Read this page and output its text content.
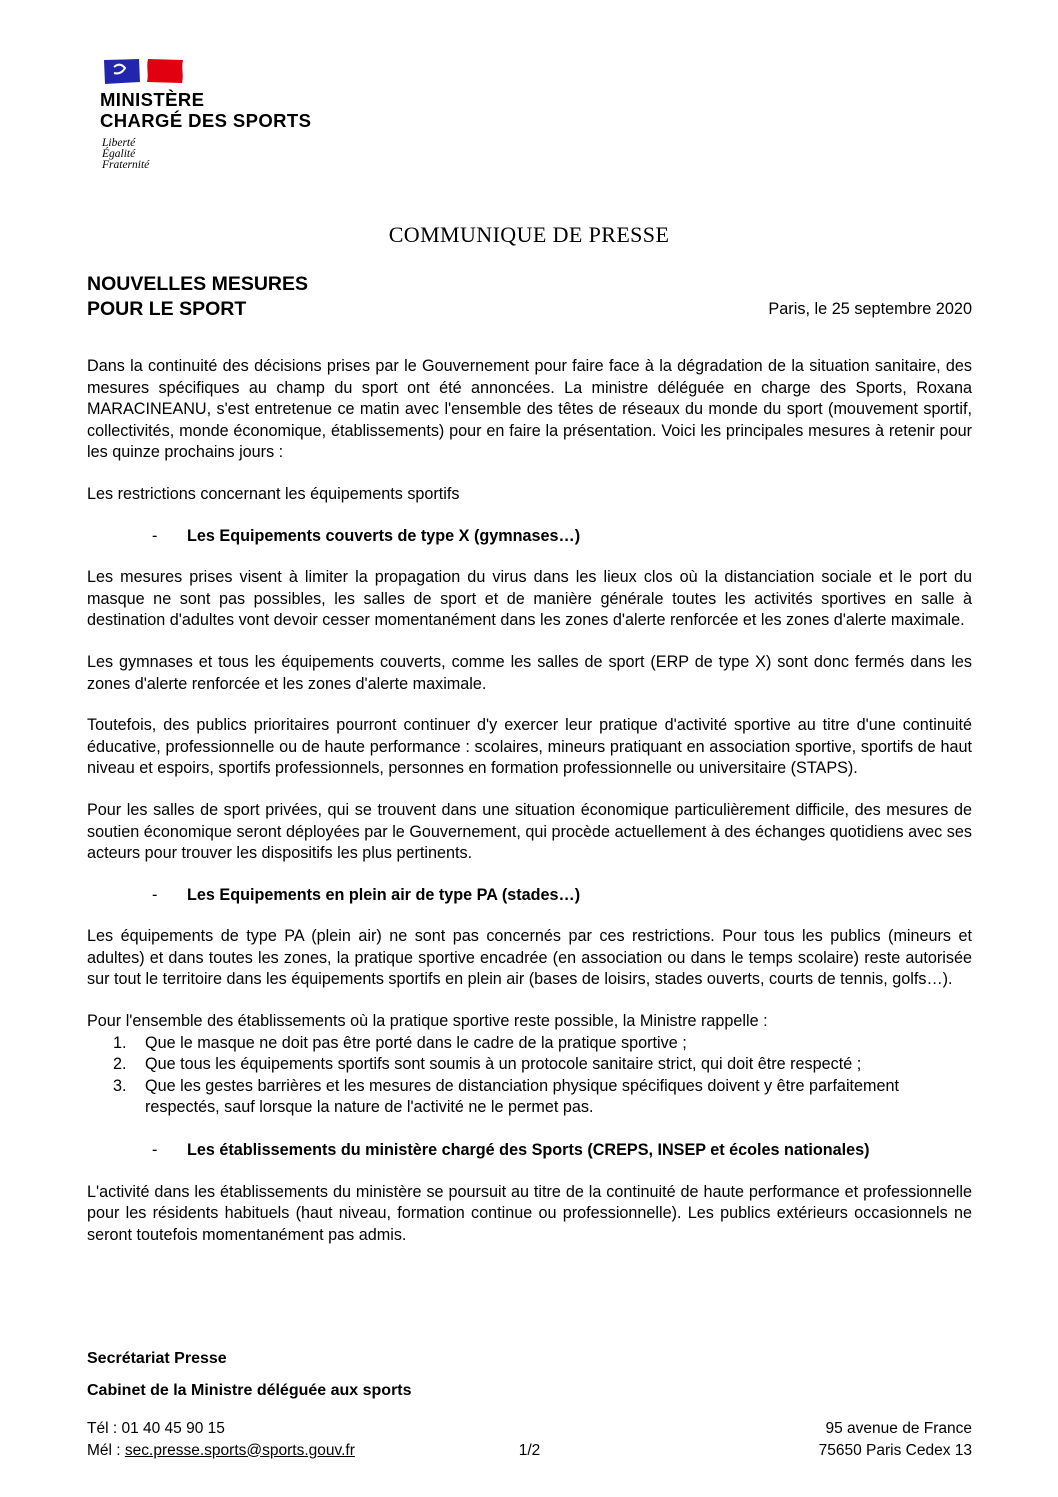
MINISTÈRE
CHARGÉ DES SPORTS
Liberté
Égalité
Fraternité
COMMUNIQUE DE PRESSE
NOUVELLES MESURES
POUR LE SPORT	Paris, le 25 septembre 2020

Dans la continuité des décisions prises par le Gouvernement pour faire face à la dégradation de la situation sanitaire, des mesures spécifiques au champ du sport ont été annoncées. La ministre déléguée en charge des Sports, Roxana MARACINEANU, s'est entretenue ce matin avec l'ensemble des têtes de réseaux du monde du sport (mouvement sportif, collectivités, monde économique, établissements) pour en faire la présentation. Voici les principales mesures à retenir pour les quinze prochains jours :

Les restrictions concernant les équipements sportifs

-	Les Equipements couverts de type X (gymnases…)

Les mesures prises visent à limiter la propagation du virus dans les lieux clos où la distanciation sociale et le port du masque ne sont pas possibles, les salles de sport et de manière générale toutes les activités sportives en salle à destination d'adultes vont devoir cesser momentanément dans les zones d'alerte renforcée et les zones d'alerte maximale.

Les gymnases et tous les équipements couverts, comme les salles de sport (ERP de type X) sont donc fermés dans les zones d'alerte renforcée et les zones d'alerte maximale.

Toutefois, des publics prioritaires pourront continuer d'y exercer leur pratique d'activité sportive au titre d'une continuité éducative, professionnelle ou de haute performance : scolaires, mineurs pratiquant en association sportive, sportifs de haut niveau et espoirs, sportifs professionnels, personnes en formation professionnelle ou universitaire (STAPS).

Pour les salles de sport privées, qui se trouvent dans une situation économique particulièrement difficile, des mesures de soutien économique seront déployées par le Gouvernement, qui procède actuellement à des échanges quotidiens avec ses acteurs pour trouver les dispositifs les plus pertinents.

-	Les Equipements en plein air de type PA (stades…)

Les équipements de type PA (plein air) ne sont pas concernés par ces restrictions. Pour tous les publics (mineurs et adultes) et dans toutes les zones, la pratique sportive encadrée (en association ou dans le temps scolaire) reste autorisée sur tout le territoire dans les équipements sportifs en plein air (bases de loisirs, stades ouverts, courts de tennis, golfs…).

Pour l'ensemble des établissements où la pratique sportive reste possible, la Ministre rappelle :

1.	Que le masque ne doit pas être porté dans le cadre de la pratique sportive ;
2.	Que tous les équipements sportifs sont soumis à un protocole sanitaire strict, qui doit être respecté ;
3.	Que les gestes barrières et les mesures de distanciation physique spécifiques doivent y être parfaitement respectés, sauf lorsque la nature de l'activité ne le permet pas.
-	Les établissements du ministère chargé des Sports (CREPS, INSEP et écoles nationales)

L'activité dans les établissements du ministère se poursuit au titre de la continuité de haute performance et professionnelle pour les résidents habituels (haut niveau, formation continue ou professionnelle). Les publics extérieurs occasionnels ne seront toutefois momentanément pas admis.

Secrétariat Presse
Cabinet de la Ministre déléguée aux sports
Tél : 01 40 45 90 15
Mél : sec.presse.sports@sports.gouv.fr
95 avenue de France
75650 Paris Cedex 13
1/2
